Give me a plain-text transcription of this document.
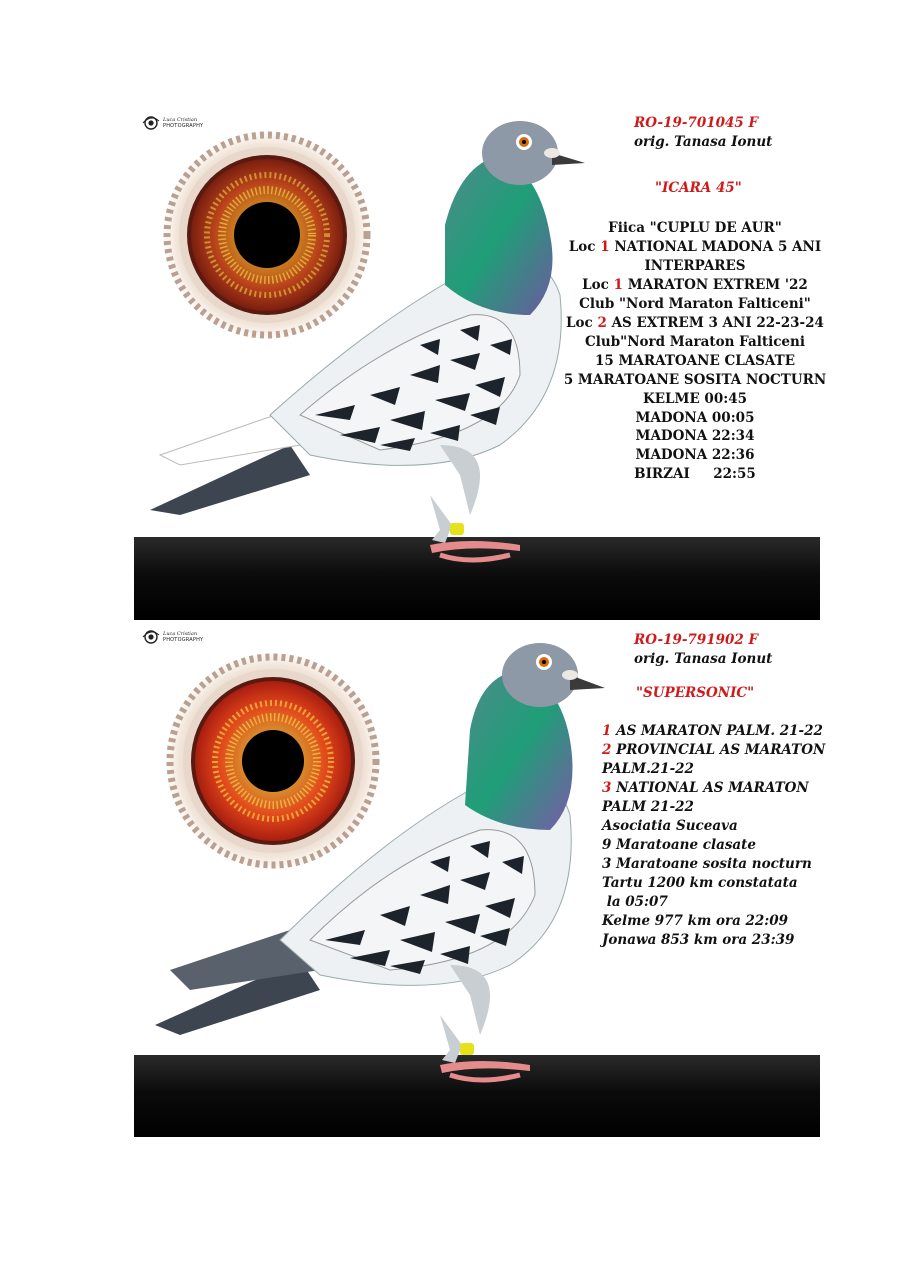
Luca Cristian
PHOTOGRAPHY	RO-19-701045 F
orig. Tanasa Ionut
"ICARA 45"
Fiica "CUPLU DE AUR"
Loc 1 NATIONAL MADONA 5 ANI
INTERPARES
Loc 1 MARATON EXTREM '22
Club "Nord Maraton Falticeni"
Loc 2 AS EXTREM 3 ANI 22-23-24
Club"Nord Maraton Falticeni
15 MARATOANE CLASATE
5 MARATOANE SOSITA NOCTURN
KELME 00:45
MADONA 00:05
MADONA 22:34
MADONA 22:36
BIRZAI     22:55
Luca Cristian
PHOTOGRAPHY	RO-19-791902 F
orig. Tanasa Ionut
"SUPERSONIC"
1 AS MARATON PALM. 21-22
2 PROVINCIAL AS MARATON
PALM.21-22
3 NATIONAL AS MARATON
PALM 21-22
Asociatia Suceava
9 Maratoane clasate
3 Maratoane sosita nocturn
Tartu 1200 km constatata
la 05:07
Kelme 977 km ora 22:09
Jonawa 853 km ora 23:39
